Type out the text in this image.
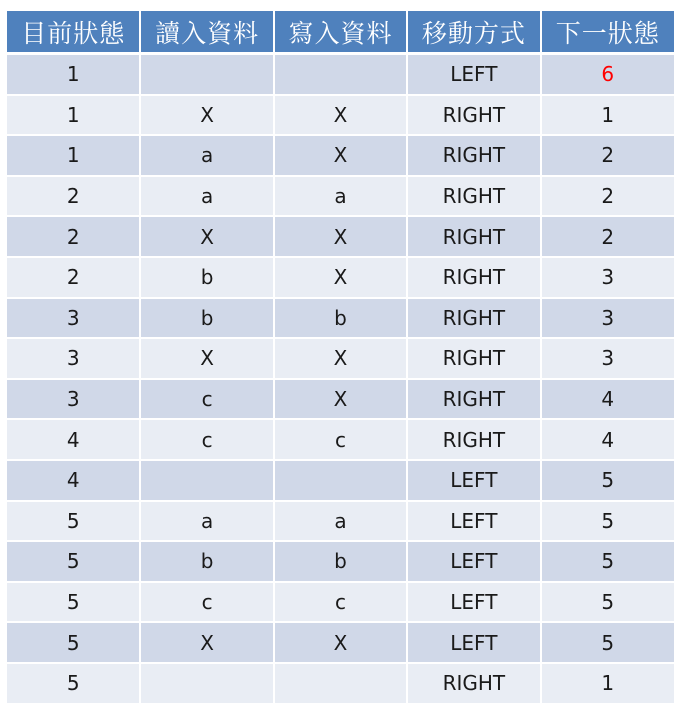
目前狀態	讀入資料	寫入資料	移動方式	下一狀態
1			LEFT	6
1	X	X	RIGHT	1
1	a	X	RIGHT	2
2	a	a	RIGHT	2
2	X	X	RIGHT	2
2	b	X	RIGHT	3
3	b	b	RIGHT	3
3	X	X	RIGHT	3
3	c	X	RIGHT	4
4	c	c	RIGHT	4
4			LEFT	5
5	a	a	LEFT	5
5	b	b	LEFT	5
5	c	c	LEFT	5
5	X	X	LEFT	5
5			RIGHT	1
